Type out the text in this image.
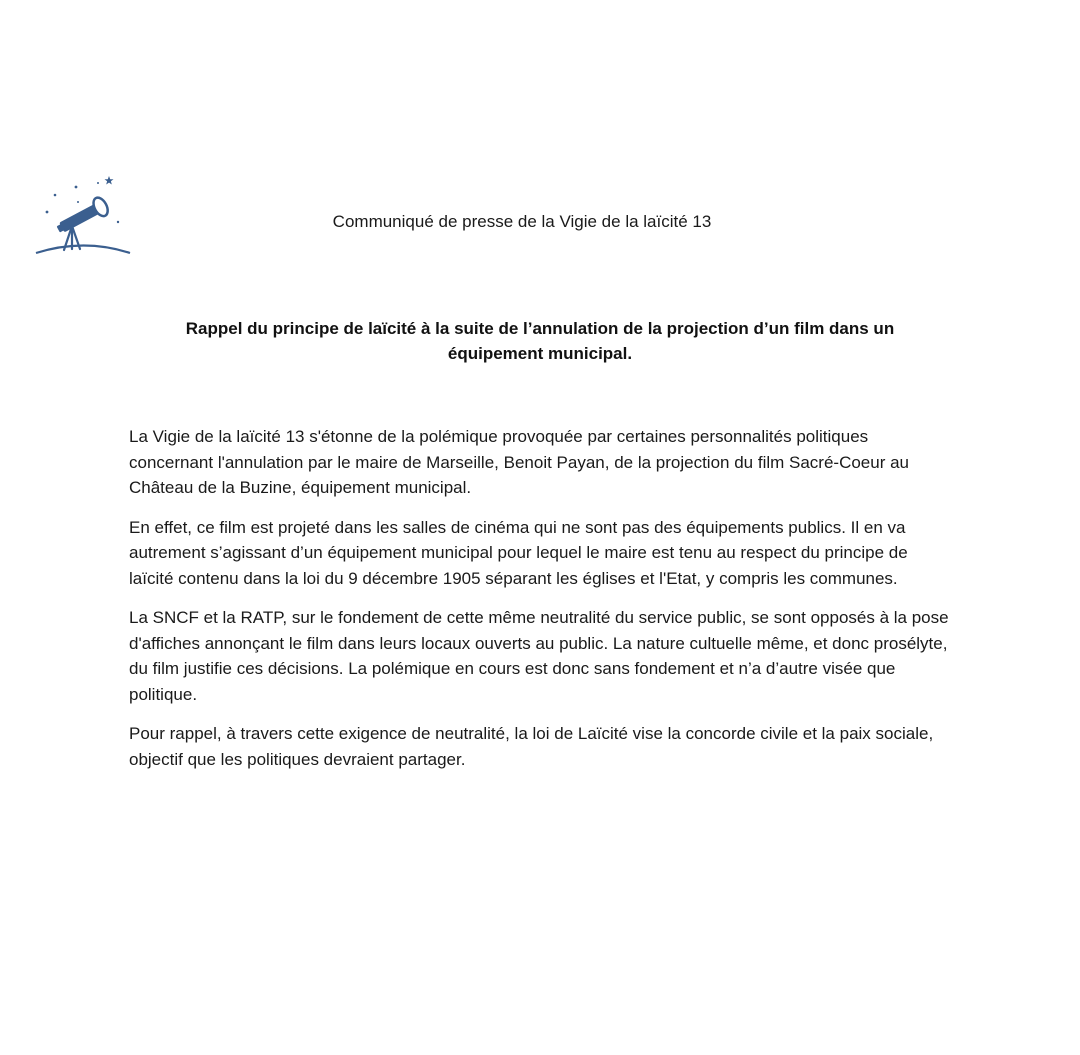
Communiqué de presse de la Vigie de la laïcité 13
Rappel du principe de laïcité à la suite de l’annulation de la projection d’un film dans un
équipement municipal.

La Vigie de la laïcité 13 s'étonne de la polémique provoquée par certaines personnalités politiques concernant l'annulation par le maire de Marseille, Benoit Payan, de la projection du film Sacré-Coeur au Château de la Buzine, équipement municipal.

En effet, ce film est projeté dans les salles de cinéma qui ne sont pas des équipements publics. Il en va autrement s’agissant d’un équipement municipal pour lequel le maire est tenu au respect du principe de laïcité contenu dans la loi du 9 décembre 1905 séparant les églises et l'Etat, y compris les communes.

La SNCF et la RATP, sur le fondement de cette même neutralité du service public, se sont opposés à la pose d'affiches annonçant le film dans leurs locaux ouverts au public. La nature cultuelle même, et donc prosélyte, du film justifie ces décisions. La polémique en cours est donc sans fondement et n’a d’autre visée que politique.

Pour rappel, à travers cette exigence de neutralité, la loi de Laïcité vise la concorde civile et la paix sociale, objectif que les politiques devraient partager.
